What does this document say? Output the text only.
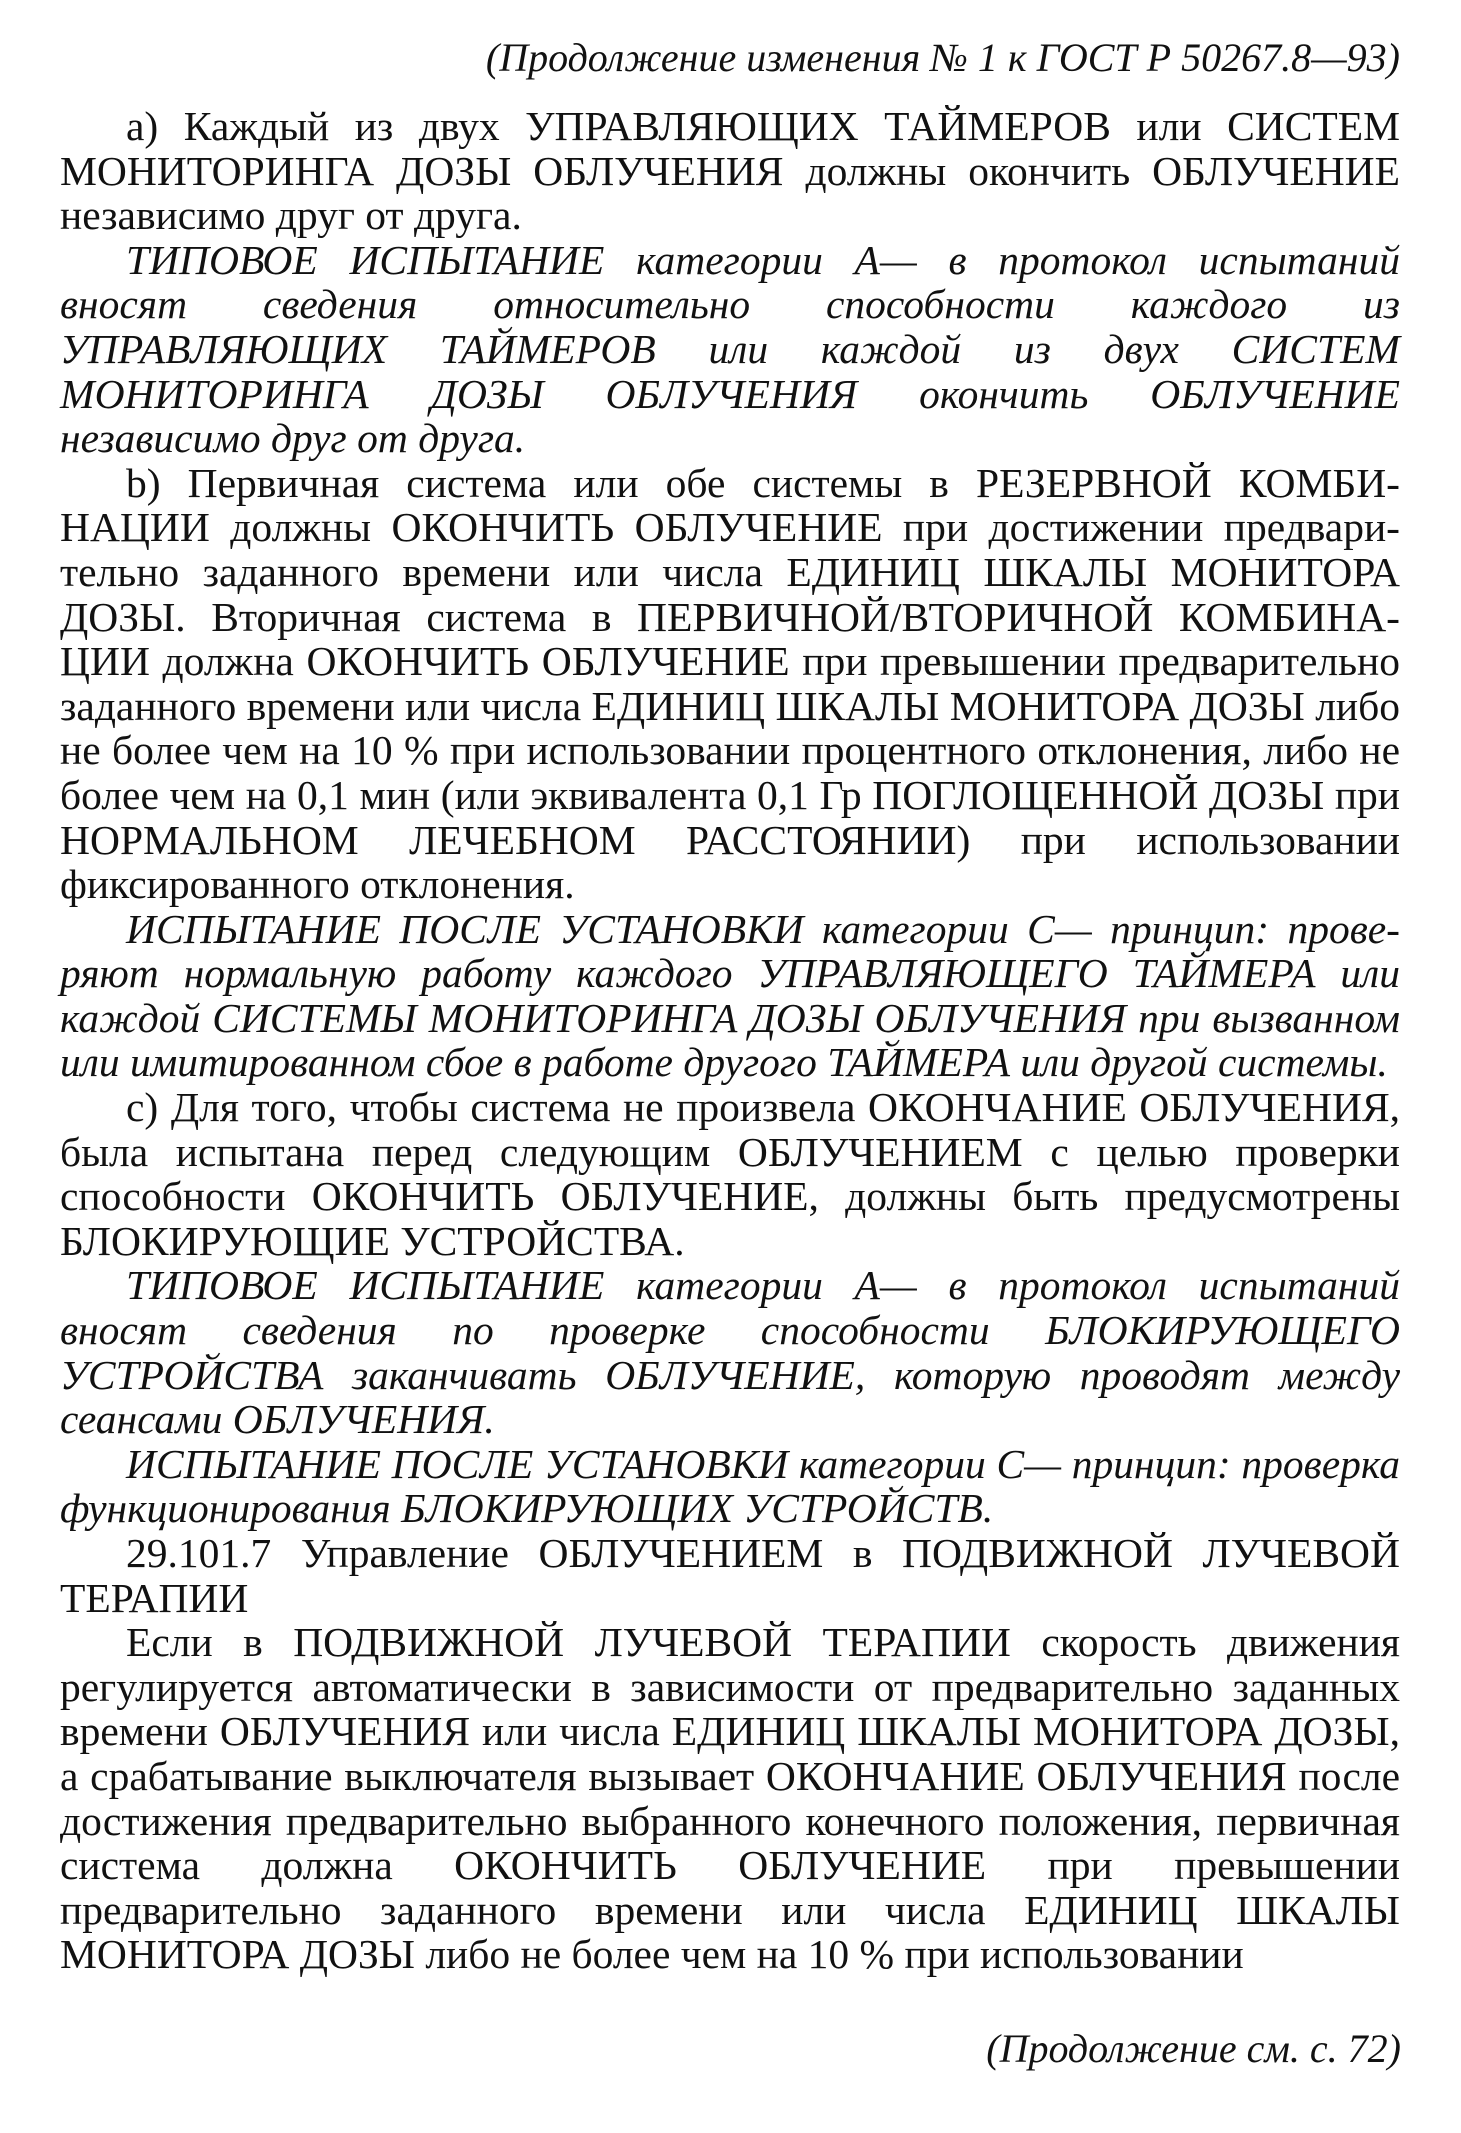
(Продолжение изменения № 1 к ГОСТ Р 50267.8—93)

а) Каждый из двух УПРАВЛЯЮЩИХ ТАЙМЕРОВ или СИСТЕМ МОНИТОРИНГА ДОЗЫ ОБЛУЧЕНИЯ должны окончить ОБЛУЧЕНИЕ независимо друг от друга.

ТИПОВОЕ ИСПЫТАНИЕ категории А— в протокол испытаний вносят сведения относительно способности каждого из УПРАВЛЯЮЩИХ ТАЙМЕРОВ или каждой из двух СИСТЕМ МОНИТОРИНГА ДОЗЫ ОБЛУЧЕНИЯ окончить ОБЛУЧЕНИЕ независимо друг от друга.

b) Первичная система или обе системы в РЕЗЕРВНОЙ КОМБИНАЦИИ должны ОКОНЧИТЬ ОБЛУЧЕНИЕ при достижении предварительно заданного времени или числа ЕДИНИЦ ШКАЛЫ МОНИТОРА ДОЗЫ. Вторичная система в ПЕРВИЧНОЙ/ВТОРИЧНОЙ КОМБИНАЦИИ должна ОКОНЧИТЬ ОБЛУЧЕНИЕ при превышении предварительно заданного времени или числа ЕДИНИЦ ШКАЛЫ МОНИТОРА ДОЗЫ либо не более чем на 10 % при использовании процентного отклонения, либо не более чем на 0,1 мин (или эквивалента 0,1 Гр ПОГЛОЩЕННОЙ ДОЗЫ при НОРМАЛЬНОМ ЛЕЧЕБНОМ РАССТОЯНИИ) при использовании фиксированного отклонения.

ИСПЫТАНИЕ ПОСЛЕ УСТАНОВКИ категории С— принцип: проверяют нормальную работу каждого УПРАВЛЯЮЩЕГО ТАЙМЕРА или каждой СИСТЕМЫ МОНИТОРИНГА ДОЗЫ ОБЛУЧЕНИЯ при вызванном или имитированном сбое в работе другого ТАЙМЕРА или другой системы.

с) Для того, чтобы система не произвела ОКОНЧАНИЕ ОБЛУЧЕНИЯ, была испытана перед следующим ОБЛУЧЕНИЕМ с целью проверки способности ОКОНЧИТЬ ОБЛУЧЕНИЕ, должны быть предусмотрены БЛОКИРУЮЩИЕ УСТРОЙСТВА.

ТИПОВОЕ ИСПЫТАНИЕ категории А— в протокол испытаний вносят сведения по проверке способности БЛОКИРУЮЩЕГО УСТРОЙСТВА заканчивать ОБЛУЧЕНИЕ, которую проводят между сеансами ОБЛУЧЕНИЯ.

ИСПЫТАНИЕ ПОСЛЕ УСТАНОВКИ категории С— принцип: проверка функционирования БЛОКИРУЮЩИХ УСТРОЙСТВ.

29.101.7 Управление ОБЛУЧЕНИЕМ в ПОДВИЖНОЙ ЛУЧЕВОЙ ТЕРАПИИ

Если в ПОДВИЖНОЙ ЛУЧЕВОЙ ТЕРАПИИ скорость движения регулируется автоматически в зависимости от предварительно заданных времени ОБЛУЧЕНИЯ или числа ЕДИНИЦ ШКАЛЫ МОНИТОРА ДОЗЫ, а срабатывание выключателя вызывает ОКОНЧАНИЕ ОБЛУЧЕНИЯ после достижения предварительно выбранного конечного положения, первичная система должна ОКОНЧИТЬ ОБЛУЧЕНИЕ при превышении предварительно заданного времени или числа ЕДИНИЦ ШКАЛЫ МОНИТОРА ДОЗЫ либо не более чем на 10 % при использовании

(Продолжение см. с. 72)
